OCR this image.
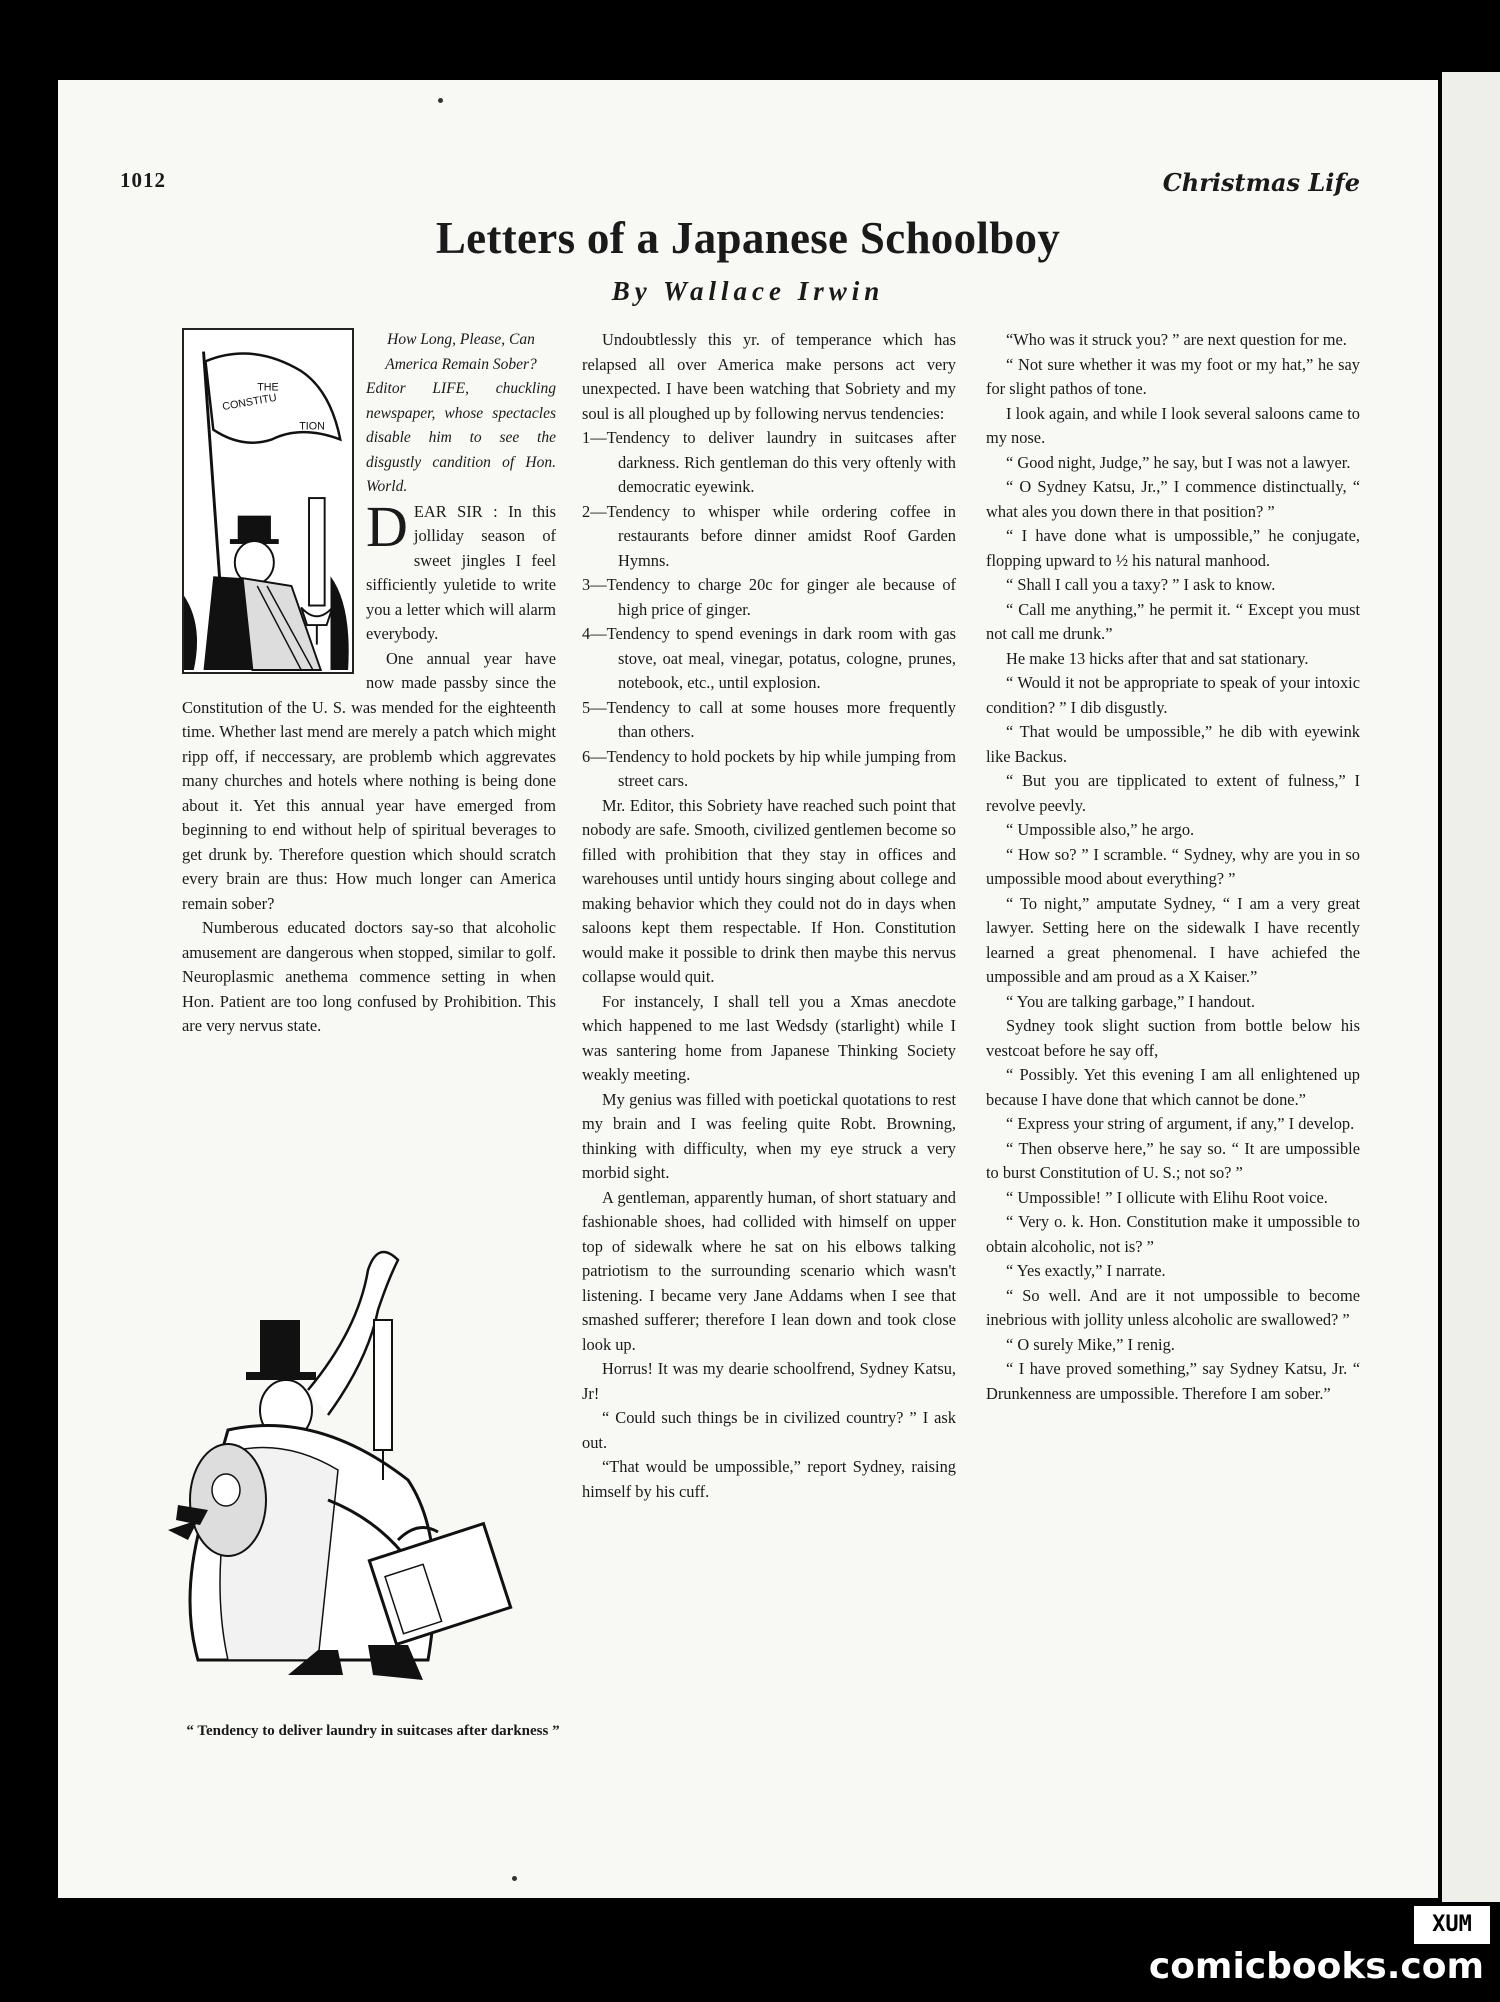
1012	Christmas Life
Letters of a Japanese Schoolboy
By Wallace Irwin
THE
CONSTITU
TION
How Long, Please, Can America Remain Sober?
Editor LIFE, chuckling newspaper, whose spectacles disable him to see the disgustly candition of Hon. World.

DEAR SIR : In this jolliday season of sweet jingles I feel sifficiently yuletide to write you a letter which will alarm everybody.

One annual year have now made passby since the Constitution of the U. S. was mended for the eighteenth time. Whether last mend are merely a patch which might ripp off, if neccessary, are problemb which aggrevates many churches and hotels where nothing is being done about it. Yet this annual year have emerged from beginning to end without help of spiritual beverages to get drunk by. Therefore question which should scratch every brain are thus: How much longer can America remain sober?

Numberous educated doctors say-so that alcoholic amusement are dangerous when stopped, similar to golf. Neuroplasmic anethema commence setting in when Hon. Patient are too long confused by Prohibition. This are very nervus state.

“ Tendency to deliver laundry in suitcases after darkness ”

Undoubtlessly this yr. of temperance which has relapsed all over America make persons act very unexpected. I have been watching that Sobriety and my soul is all ploughed up by following nervus tendencies:

1—Tendency to deliver laundry in suitcases after darkness. Rich gentleman do this very oftenly with democratic eyewink.

2—Tendency to whisper while ordering coffee in restaurants before dinner amidst Roof Garden Hymns.

3—Tendency to charge 20c for ginger ale because of high price of ginger.

4—Tendency to spend evenings in dark room with gas stove, oat meal, vinegar, potatus, cologne, prunes, notebook, etc., until explosion.

5—Tendency to call at some houses more frequently than others.

6—Tendency to hold pockets by hip while jumping from street cars.

Mr. Editor, this Sobriety have reached such point that nobody are safe. Smooth, civilized gentlemen become so filled with prohibition that they stay in offices and warehouses until untidy hours singing about college and making behavior which they could not do in days when saloons kept them respectable. If Hon. Constitution would make it possible to drink then maybe this nervus collapse would quit.

For instancely, I shall tell you a Xmas anecdote which happened to me last Wedsdy (starlight) while I was santering home from Japanese Thinking Society weakly meeting.

My genius was filled with poetickal quotations to rest my brain and I was feeling quite Robt. Browning, thinking with difficulty, when my eye struck a very morbid sight.

A gentleman, apparently human, of short statuary and fashionable shoes, had collided with himself on upper top of sidewalk where he sat on his elbows talking patriotism to the surrounding scenario which wasn't listening. I became very Jane Addams when I see that smashed sufferer; therefore I lean down and took close look up.

Horrus! It was my dearie schoolfrend, Sydney Katsu, Jr!

“ Could such things be in civilized country? ” I ask out.

“That would be umpossible,” report Sydney, raising himself by his cuff.

“Who was it struck you? ” are next question for me.

“ Not sure whether it was my foot or my hat,” he say for slight pathos of tone.

I look again, and while I look several saloons came to my nose.

“ Good night, Judge,” he say, but I was not a lawyer.

“ O Sydney Katsu, Jr.,” I commence distinctually, “ what ales you down there in that position? ”

“ I have done what is umpossible,” he conjugate, flopping upward to ½ his natural manhood.

“ Shall I call you a taxy? ” I ask to know.

“ Call me anything,” he permit it. “ Except you must not call me drunk.”

He make 13 hicks after that and sat stationary.

“ Would it not be appropriate to speak of your intoxic condition? ” I dib disgustly.

“ That would be umpossible,” he dib with eyewink like Backus.

“ But you are tipplicated to extent of fulness,” I revolve peevly.

“ Umpossible also,” he argo.

“ How so? ” I scramble. “ Sydney, why are you in so umpossible mood about everything? ”

“ To night,” amputate Sydney, “ I am a very great lawyer. Setting here on the sidewalk I have recently learned a great phenomenal. I have achiefed the umpossible and am proud as a X Kaiser.”

“ You are talking garbage,” I handout.

Sydney took slight suction from bottle below his vestcoat before he say off,

“ Possibly. Yet this evening I am all enlightened up because I have done that which cannot be done.”

“ Express your string of argument, if any,” I develop.

“ Then observe here,” he say so. “ It are umpossible to burst Constitution of U. S.; not so? ”

“ Umpossible! ” I ollicute with Elihu Root voice.

“ Very o. k. Hon. Constitution make it umpossible to obtain alcoholic, not is? ”

“ Yes exactly,” I narrate.

“ So well. And are it not umpossible to become inebrious with jollity unless alcoholic are swallowed? ”

“ O surely Mike,” I renig.

“ I have proved something,” say Sydney Katsu, Jr. “ Drunkenness are umpossible. Therefore I am sober.”

XUM
comicbooks.com
